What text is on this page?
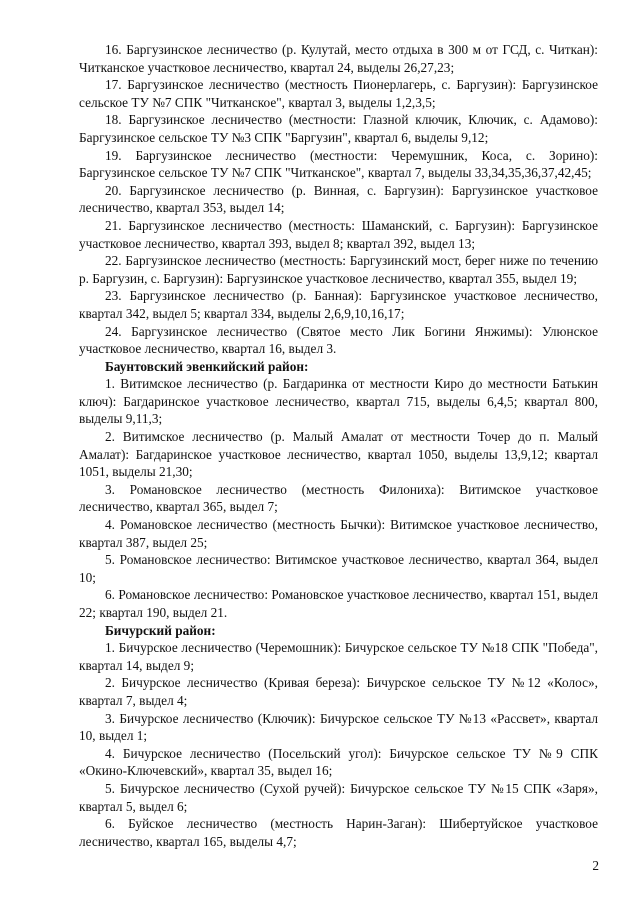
16. Баргузинское лесничество (р. Кулутай, место отдыха в 300 м от ГСД, с. Читкан): Читканское участковое лесничество, квартал 24, выделы 26,27,23;

17. Баргузинское лесничество (местность Пионерлагерь, с. Баргузин): Баргузинское сельское ТУ №7 СПК "Читканское", квартал 3, выделы 1,2,3,5;

18. Баргузинское лесничество (местности: Глазной ключик, Ключик, с. Адамово): Баргузинское сельское ТУ №3 СПК "Баргузин", квартал 6, выделы 9,12;

19. Баргузинское лесничество (местности: Черемушник, Коса, с. Зорино): Баргузинское сельское ТУ №7 СПК "Читканское", квартал 7, выделы 33,34,35,36,37,42,45;

20. Баргузинское лесничество (р. Винная, с. Баргузин): Баргузинское участковое лесничество, квартал 353, выдел 14;

21. Баргузинское лесничество (местность: Шаманский, с. Баргузин): Баргузинское участковое лесничество, квартал 393, выдел 8; квартал 392, выдел 13;

22. Баргузинское лесничество (местность: Баргузинский мост, берег ниже по течению р. Баргузин, с. Баргузин): Баргузинское участковое лесничество, квартал 355, выдел 19;

23. Баргузинское лесничество (р. Банная): Баргузинское участковое лесничество, квартал 342, выдел 5; квартал 334, выделы 2,6,9,10,16,17;

24. Баргузинское лесничество (Святое место Лик Богини Янжимы): Улюнское участковое лесничество, квартал 16, выдел 3.

Баунтовский эвенкийский район:

1. Витимское лесничество (р. Багдаринка от местности Киро до местности Батькин ключ): Багдаринское участковое лесничество, квартал 715, выделы 6,4,5; квартал 800, выделы 9,11,3;

2. Витимское лесничество (р. Малый Амалат от местности Точер до п. Малый Амалат): Багдаринское участковое лесничество, квартал 1050, выделы 13,9,12; квартал 1051, выделы 21,30;

3. Романовское лесничество (местность Филониха): Витимское участковое лесничество, квартал 365, выдел 7;

4. Романовское лесничество (местность Бычки): Витимское участковое лесничество, квартал 387, выдел 25;

5. Романовское лесничество: Витимское участковое лесничество, квартал 364, выдел 10;

6. Романовское лесничество: Романовское участковое лесничество, квартал 151, выдел 22; квартал 190, выдел 21.

Бичурский район:

1. Бичурское лесничество (Черемошник): Бичурское сельское ТУ №18 СПК "Победа", квартал 14, выдел 9;

2. Бичурское лесничество (Кривая береза): Бичурское сельское ТУ №12 «Колос», квартал 7, выдел 4;

3. Бичурское лесничество (Ключик): Бичурское сельское ТУ №13 «Рассвет», квартал 10, выдел 1;

4. Бичурское лесничество (Посельский угол): Бичурское сельское ТУ №9 СПК «Окино-Ключевский», квартал 35, выдел 16;

5. Бичурское лесничество (Сухой ручей): Бичурское сельское ТУ №15 СПК «Заря», квартал 5, выдел 6;

6. Буйское лесничество (местность Нарин-Заган): Шибертуйское участковое лесничество, квартал 165, выделы 4,7;

2
